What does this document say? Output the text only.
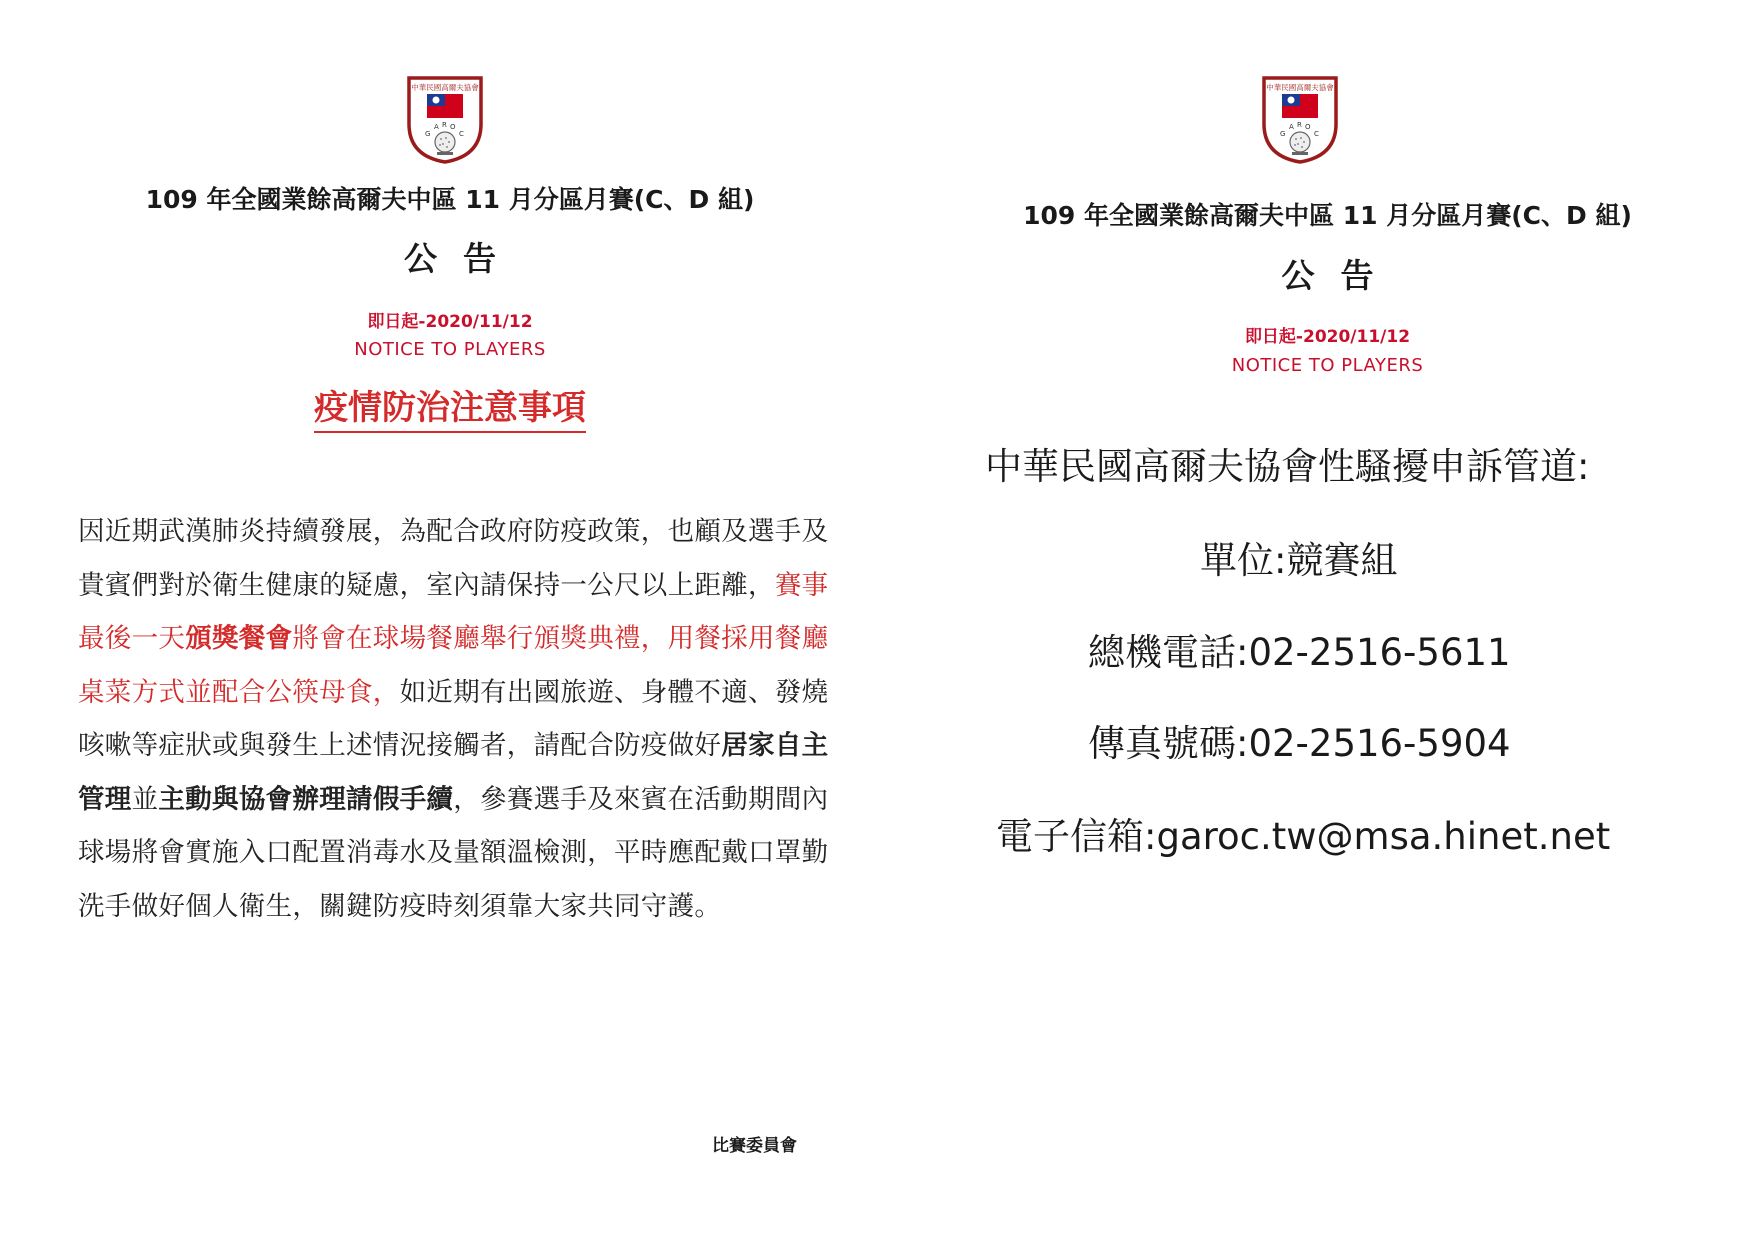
中華民國高爾夫協會
G
A R O
C
109 年全國業餘高爾夫中區 11 月分區月賽(C、D 組)
公告
即日起-2020/11/12
NOTICE TO PLAYERS
疫情防治注意事項
因近期武漢肺炎持續發展，為配合政府防疫政策，也顧及選手及貴賓們對於衛生健康的疑慮，室內請保持一公尺以上距離，賽事最後一天頒獎餐會將會在球場餐廳舉行頒獎典禮，用餐採用餐廳桌菜方式並配合公筷母食，如近期有出國旅遊、身體不適、發燒咳嗽等症狀或與發生上述情況接觸者，請配合防疫做好居家自主管理並主動與協會辦理請假手續，參賽選手及來賓在活動期間內球場將會實施入口配置消毒水及量額溫檢測，平時應配戴口罩勤洗手做好個人衛生，關鍵防疫時刻須靠大家共同守護。
比賽委員會
中華民國高爾夫協會
G
A R O
C
109 年全國業餘高爾夫中區 11 月分區月賽(C、D 組)
公告
即日起-2020/11/12
NOTICE TO PLAYERS
中華民國高爾夫協會性騷擾申訴管道:
單位:競賽組
總機電話:02-2516-5611
傳真號碼:02-2516-5904
電子信箱:garoc.tw@msa.hinet.net
